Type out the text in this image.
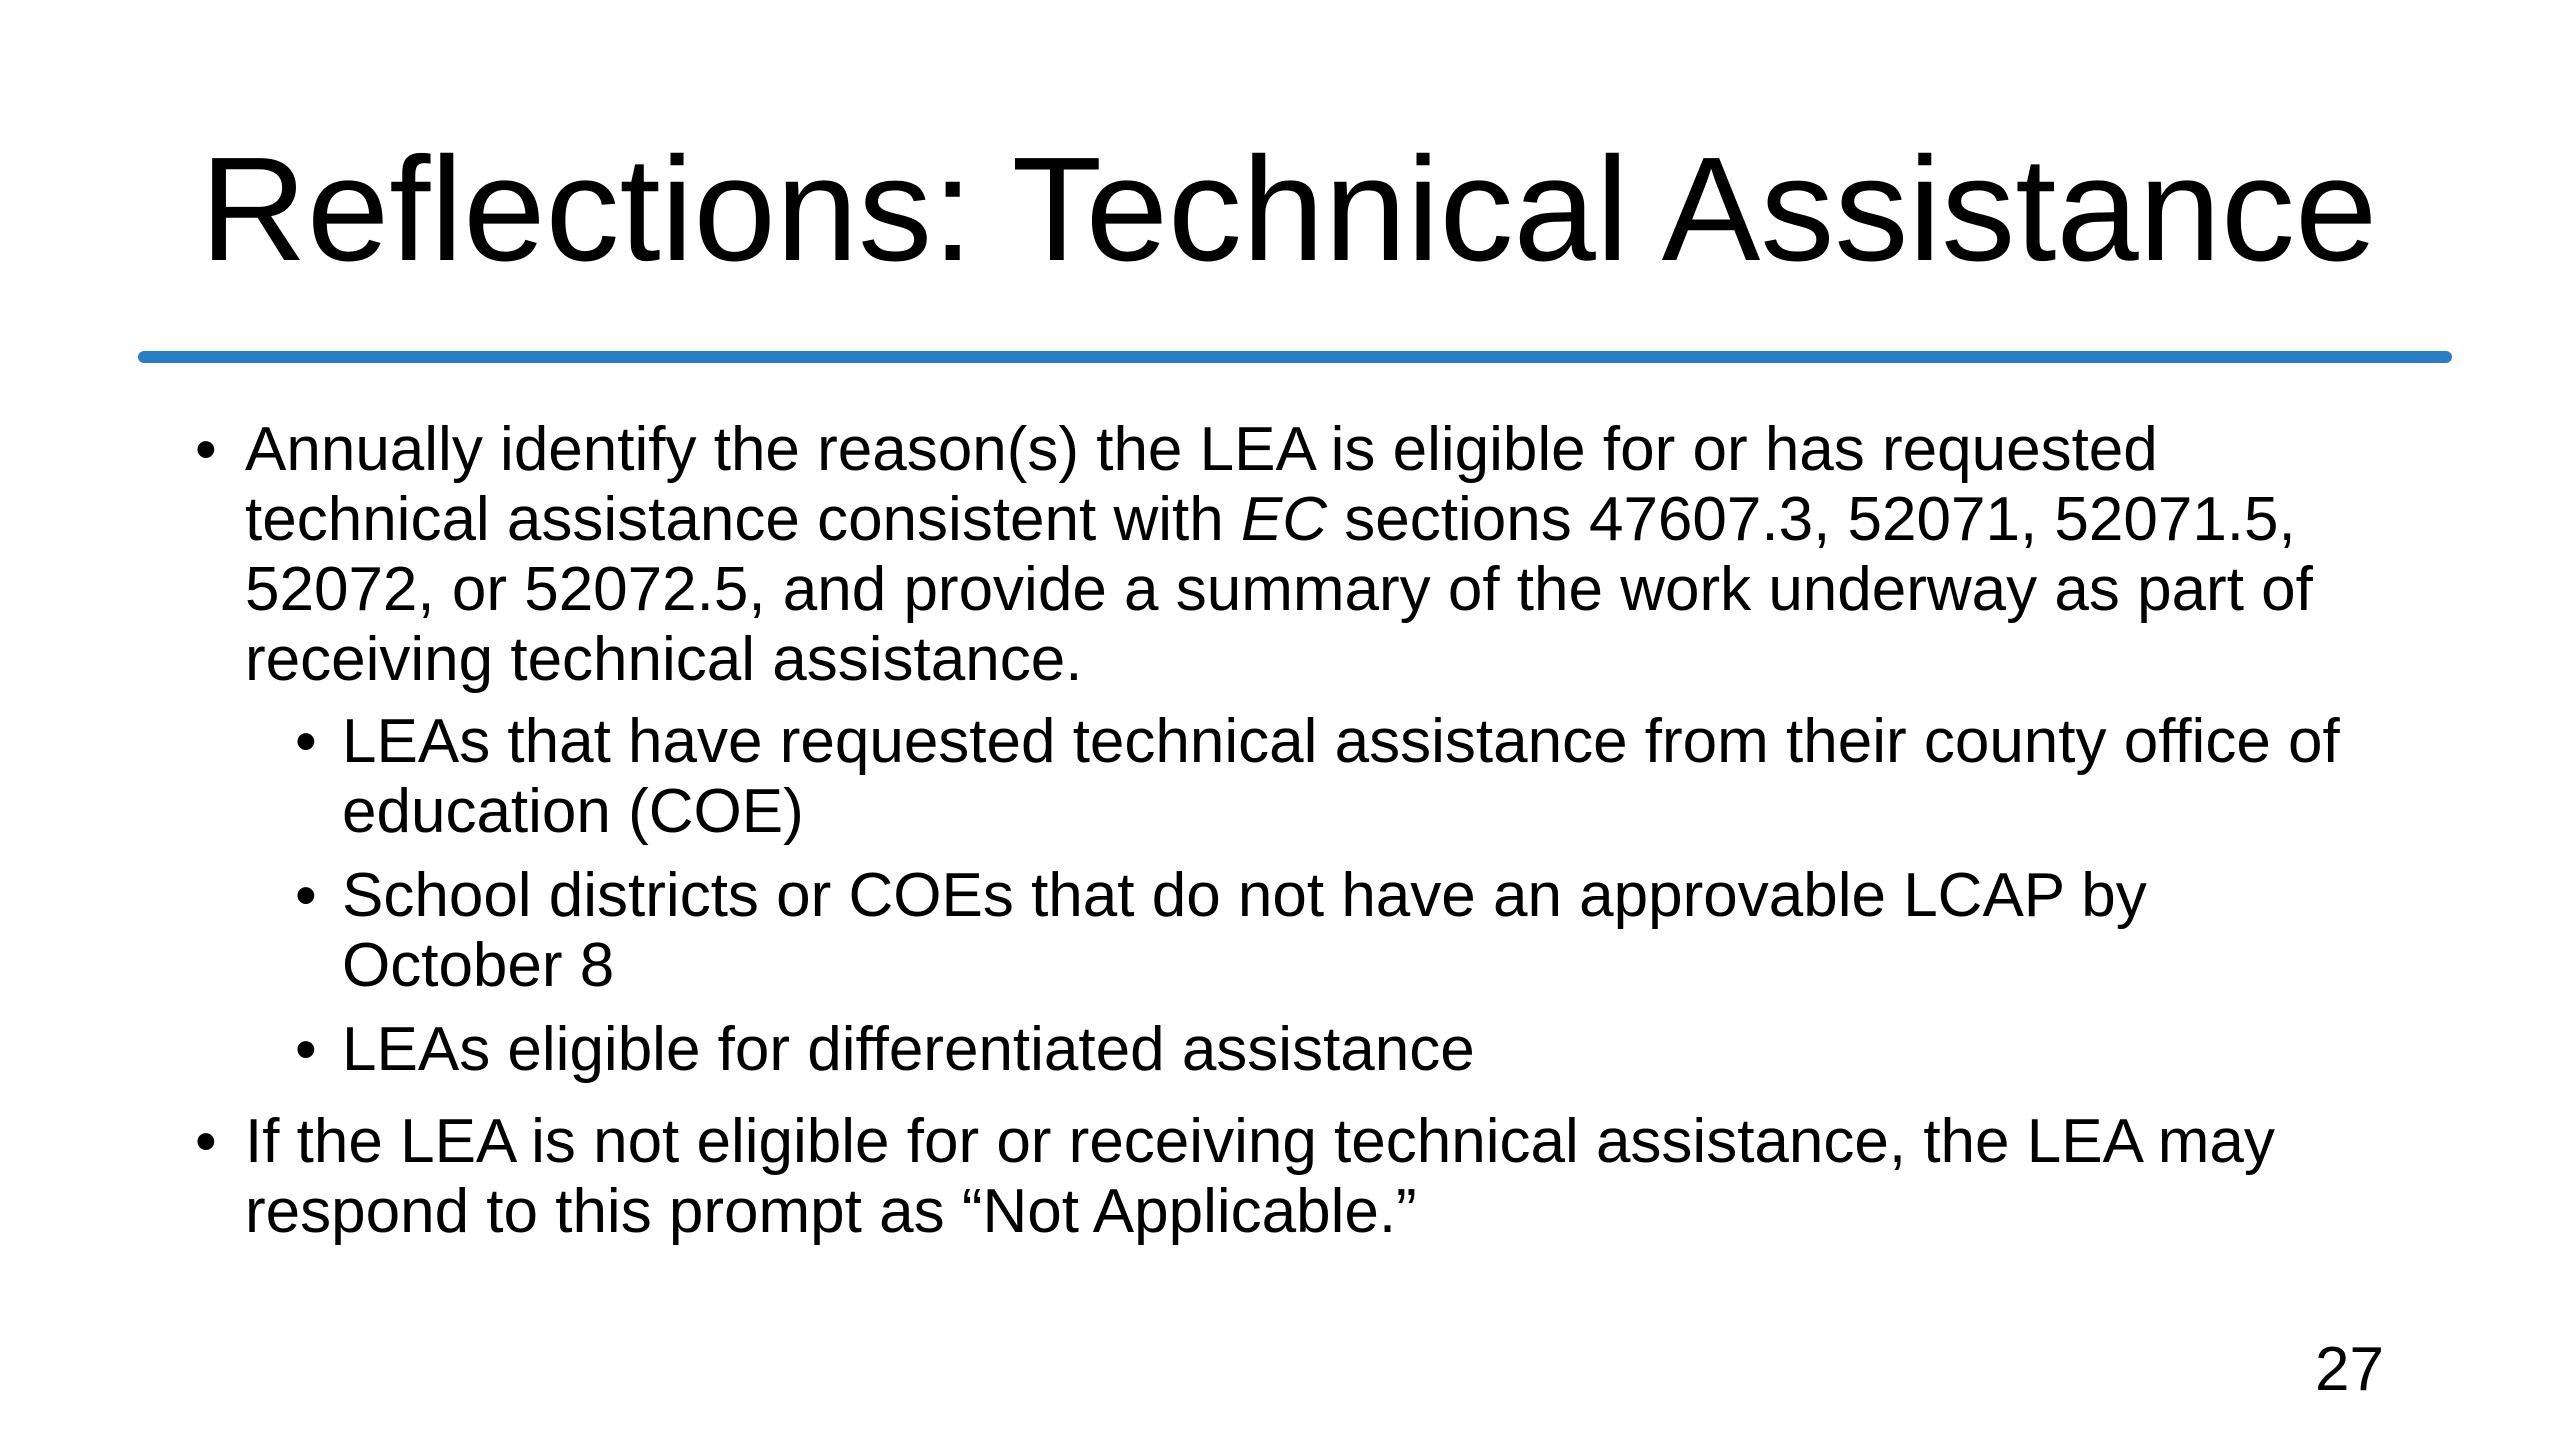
Reflections: Technical Assistance
• Annually identify the reason(s) the LEA is eligible for or has requested technical assistance consistent with EC sections 47607.3, 52071, 52071.5, 52072, or 52072.5, and provide a summary of the work underway as part of receiving technical assistance.
• LEAs that have requested technical assistance from their county office of education (COE)
• School districts or COEs that do not have an approvable LCAP by October 8
• LEAs eligible for differentiated assistance
• If the LEA is not eligible for or receiving technical assistance, the LEA may respond to this prompt as “Not Applicable.”
27
